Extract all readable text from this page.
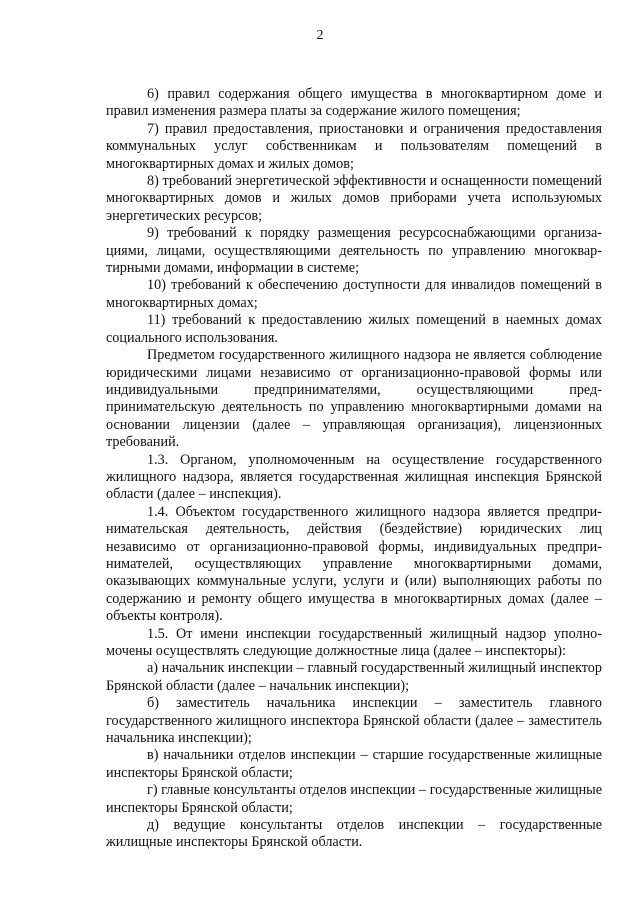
2

6) правил содержания общего имущества в многоквартирном доме и правил изменения размера платы за содержание жилого помещения;

7) правил предоставления, приостановки и ограничения предоставления коммунальных услуг собственникам и пользователям помещений в многоквартирных домах и жилых домов;

8) требований энергетической эффективности и оснащенности помещений многоквартирных домов и жилых домов приборами учета используюмых энергетических ресурсов;

9) требований к порядку размещения ресурсоснабжающими организациями, лицами, осуществляющими деятельность по управлению многоквартирными домами, информации в системе;

10) требований к обеспечению доступности для инвалидов помещений в многоквартирных домах;

11) требований к предоставлению жилых помещений в наемных домах социального использования.

Предметом государственного жилищного надзора не является соблюдение юридическими лицами независимо от организационно-правовой формы или индивидуальными предпринимателями, осуществляющими предпринимательскую деятельность по управлению многоквартирными домами на основании лицензии (далее – управляющая организация), лицензионных требований.

1.3. Органом, уполномоченным на осуществление государственного жилищного надзора, является государственная жилищная инспекция Брянской области (далее – инспекция).

1.4. Объектом государственного жилищного надзора является предпринимательская деятельность, действия (бездействие) юридических лиц независимо от организационно-правовой формы, индивидуальных предпринимателей, осуществляющих управление многоквартирными домами, оказывающих коммунальные услуги, услуги и (или) выполняющих работы по содержанию и ремонту общего имущества в многоквартирных домах (далее – объекты контроля).

1.5. От имени инспекции государственный жилищный надзор уполномочены осуществлять следующие должностные лица (далее – инспекторы):

а) начальник инспекции – главный государственный жилищный инспектор Брянской области (далее – начальник инспекции);

б) заместитель начальника инспекции – заместитель главного государственного жилищного инспектора Брянской области (далее – заместитель начальника инспекции);

в) начальники отделов инспекции – старшие государственные жилищные инспекторы Брянской области;

г) главные консультанты отделов инспекции – государственные жилищные инспекторы Брянской области;

д) ведущие консультанты отделов инспекции – государственные жилищные инспекторы Брянской области.
